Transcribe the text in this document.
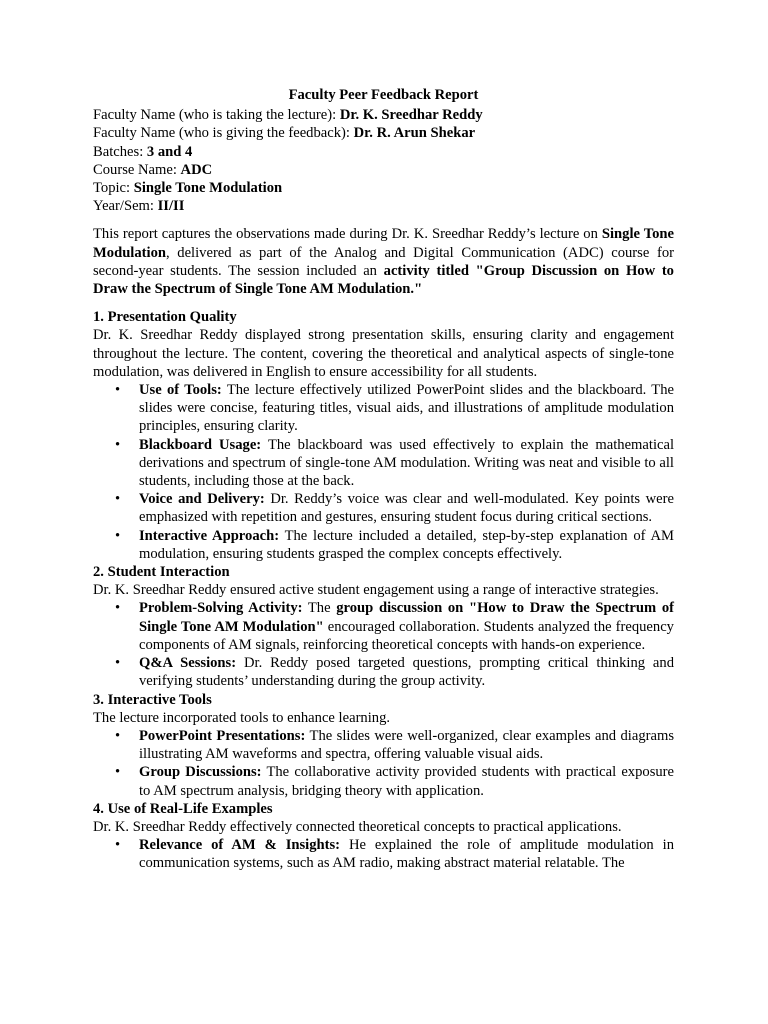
Faculty Peer Feedback Report
Faculty Name (who is taking the lecture): Dr. K. Sreedhar Reddy
Faculty Name (who is giving the feedback): Dr. R. Arun Shekar
Batches: 3 and 4
Course Name: ADC
Topic: Single Tone Modulation
Year/Sem: II/II
This report captures the observations made during Dr. K. Sreedhar Reddy’s lecture on Single Tone Modulation, delivered as part of the Analog and Digital Communication (ADC) course for second-year students. The session included an activity titled "Group Discussion on How to Draw the Spectrum of Single Tone AM Modulation."
1. Presentation Quality
Dr. K. Sreedhar Reddy displayed strong presentation skills, ensuring clarity and engagement throughout the lecture. The content, covering the theoretical and analytical aspects of single-tone modulation, was delivered in English to ensure accessibility for all students.
• Use of Tools: The lecture effectively utilized PowerPoint slides and the blackboard. The slides were concise, featuring titles, visual aids, and illustrations of amplitude modulation principles, ensuring clarity.
• Blackboard Usage: The blackboard was used effectively to explain the mathematical derivations and spectrum of single-tone AM modulation. Writing was neat and visible to all students, including those at the back.
• Voice and Delivery: Dr. Reddy’s voice was clear and well-modulated. Key points were emphasized with repetition and gestures, ensuring student focus during critical sections.
• Interactive Approach: The lecture included a detailed, step-by-step explanation of AM modulation, ensuring students grasped the complex concepts effectively.
2. Student Interaction
Dr. K. Sreedhar Reddy ensured active student engagement using a range of interactive strategies.
• Problem-Solving Activity: The group discussion on "How to Draw the Spectrum of Single Tone AM Modulation" encouraged collaboration. Students analyzed the frequency components of AM signals, reinforcing theoretical concepts with hands-on experience.
• Q&A Sessions: Dr. Reddy posed targeted questions, prompting critical thinking and verifying students’ understanding during the group activity.
3. Interactive Tools
The lecture incorporated tools to enhance learning.
• PowerPoint Presentations: The slides were well-organized, clear examples and diagrams illustrating AM waveforms and spectra, offering valuable visual aids.
• Group Discussions: The collaborative activity provided students with practical exposure to AM spectrum analysis, bridging theory with application.
4. Use of Real-Life Examples
Dr. K. Sreedhar Reddy effectively connected theoretical concepts to practical applications.
• Relevance of AM & Insights: He explained the role of amplitude modulation in communication systems, such as AM radio, making abstract material relatable. The
